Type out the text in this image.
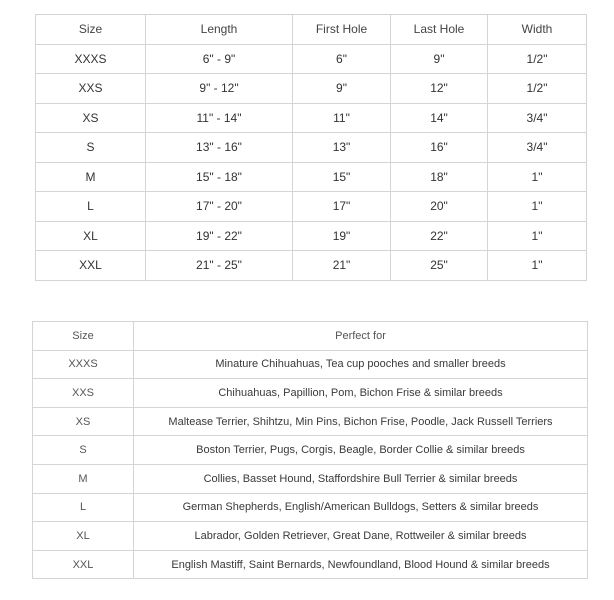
Size	Length	First Hole	Last Hole	Width
XXXS	6" - 9"	6"	9"	1/2"
XXS	9" - 12"	9"	12"	1/2"
XS	11" - 14"	11"	14"	3/4"
S	13" - 16"	13"	16"	3/4"
M	15" - 18"	15"	18"	1"
L	17" - 20"	17"	20"	1"
XL	19" - 22"	19"	22"	1"
XXL	21" - 25"	21"	25"	1"
Size	Perfect for
XXXS	Minature Chihuahuas, Tea cup pooches and smaller breeds
XXS	Chihuahuas, Papillion, Pom, Bichon Frise & similar breeds
XS	Maltease Terrier, Shihtzu, Min Pins, Bichon Frise, Poodle, Jack Russell Terriers
S	Boston Terrier, Pugs, Corgis, Beagle, Border Collie & similar breeds
M	Collies, Basset Hound, Staffordshire Bull Terrier & similar breeds
L	German Shepherds, English/American Bulldogs, Setters & similar breeds
XL	Labrador, Golden Retriever, Great Dane, Rottweiler & similar breeds
XXL	English Mastiff, Saint Bernards, Newfoundland, Blood Hound & similar breeds
